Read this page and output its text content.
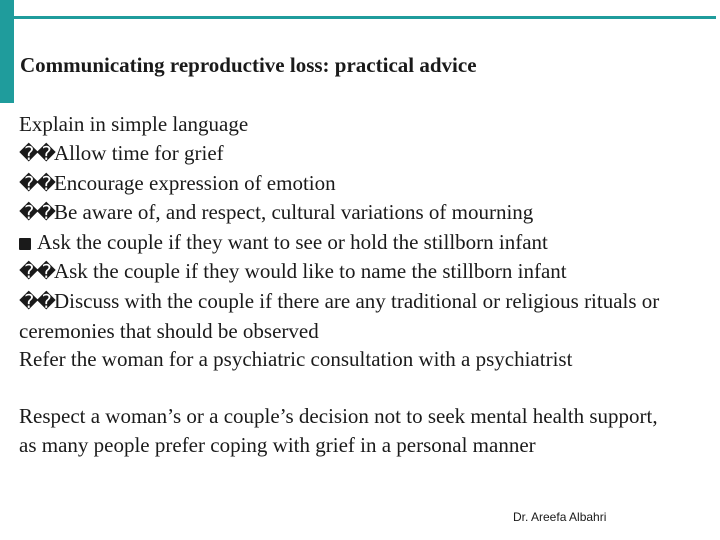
Communicating reproductive loss: practical advice
Explain in simple language
��Allow time for grief
��Encourage expression of emotion
��Be aware of, and respect, cultural variations of mourning
Ask the couple if they want to see or hold the stillborn infant
��Ask the couple if they would like to name the stillborn infant
��Discuss with the couple if there are any traditional or religious rituals or ceremonies that should be observed
Refer the woman for a psychiatric consultation with a psychiatrist
Respect a woman’s or a couple’s decision not to seek mental health support, as many people prefer coping with grief in a personal manner
Dr. Areefa Albahri
